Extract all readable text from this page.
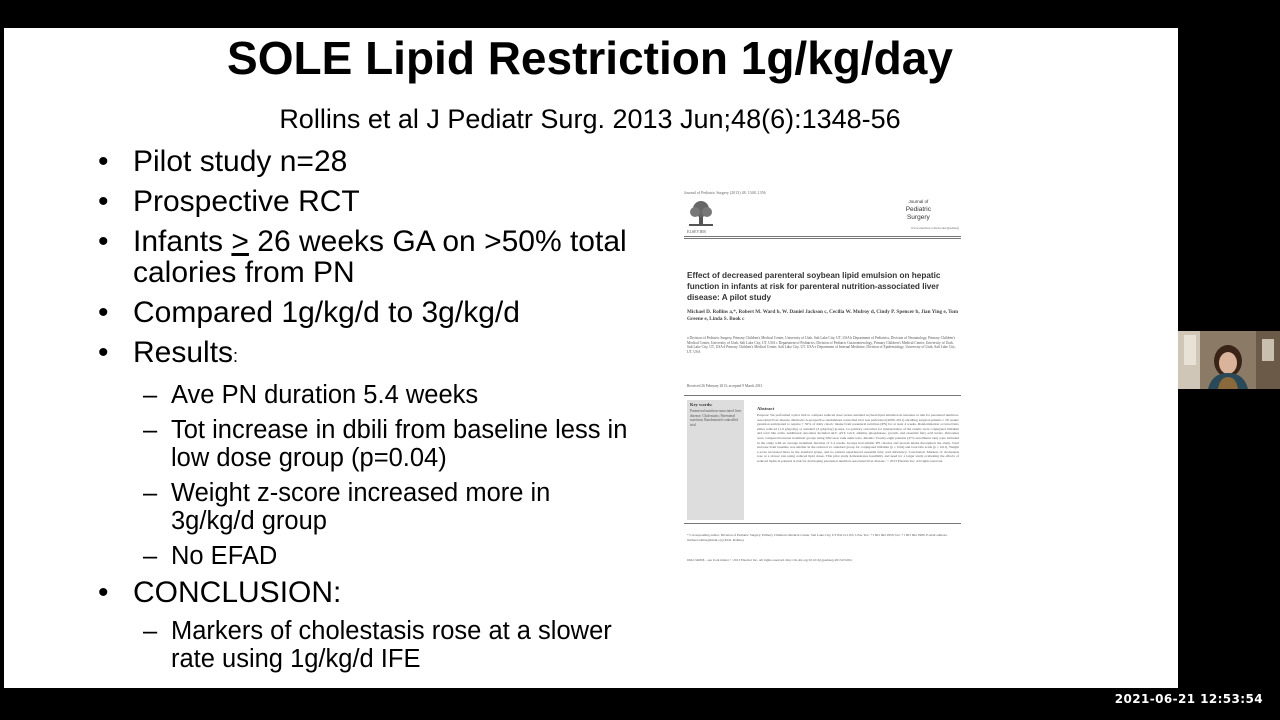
SOLE Lipid Restriction 1g/kg/day
Rollins et al J Pediatr Surg. 2013 Jun;48(6):1348-56
• Pilot study n=28
• Prospective RCT
• Infants ≥ 26 weeks GA on >50% total calories from PN
• Compared 1g/kg/d to 3g/kg/d
• Results:
– Ave PN duration 5.4 weeks
– Tot increase in dbili from baseline less in low dose group (p=0.04)
– Weight z-score increased more in 3g/kg/d group
– No EFAD
• CONCLUSION:
– Markers of cholestasis rose at a slower rate using 1g/kg/d IFE
Journal of Pediatric Surgery (2013) 48, 1348–1356
ELSEVIER
Journal of
Pediatric
Surgery
www.elsevier.com/locate/jpedsurg
Effect of decreased parenteral soybean lipid emulsion on hepatic function in infants at risk for parenteral nutrition-associated liver disease: A pilot study
Michael D. Rollins a,*, Robert M. Ward b, W. Daniel Jackson c, Cecilia W. Mulroy d, Cindy P. Spencer b, Jian Ying e, Tom Greene e, Linda S. Book c
a Division of Pediatric Surgery, Primary Children's Medical Center, University of Utah, Salt Lake City, UT, USA b Department of Pediatrics, Division of Neonatology, Primary Children's Medical Center, University of Utah, Salt Lake City, UT, USA c Department of Pediatrics, Division of Pediatric Gastroenterology, Primary Children's Medical Center, University of Utah, Salt Lake City, UT, USA d Primary Children's Medical Center, Salt Lake City, UT, USA e Department of Internal Medicine, Division of Epidemiology, University of Utah, Salt Lake City, UT, USA
Received 26 February 2013; accepted 9 March 2013
Key words:
Parenteral nutrition-associated liver disease; Cholestasis; Parenteral nutrition; Randomized controlled trial
Abstract
Purpose: We performed a pilot trial to compare reduced dose versus standard soybean lipid emulsion in neonates at risk for parenteral nutrition-associated liver disease. Methods: A prospective randomized controlled trial was performed (2009–2011) enrolling surgical patients ≥ 26 weeks' gestation anticipated to require > 50% of daily caloric intake from parenteral nutrition (PN) for at least 4 weeks. Randomization occurred into either reduced (1.0 g/kg/day) or standard (3 g/kg/day) groups. Co-primary outcomes for interpretation of the results were conjugated bilirubin and total bile acids. Additional outcomes included ALT, AST, GGT, alkaline phosphatase, growth, and essential fatty acid levels. Outcomes were compared between treatment groups using Wilcoxon rank sums tests. Results: Twenty-eight patients (47% enrollment rate) were included in the study with an average treatment duration of 5.4 weeks. Groups had similar PN calories and protein intake throughout the study. Total increase from baseline was smaller in the reduced vs. standard group for conjugated bilirubin (p = 0.04) and total bile acids (p = 0.01). Weight z-score increased more in the standard group, and no patient experienced essential fatty acid deficiency. Conclusion: Markers of cholestasis rose at a slower rate using reduced lipid doses. This pilot study demonstrates feasibility and need for a larger study evaluating the effects of reduced lipids in patients at risk for developing parenteral nutrition-associated liver disease. © 2013 Elsevier Inc. All rights reserved.
* Corresponding author. Division of Pediatric Surgery, Primary Children's Medical Center, Salt Lake City, UT 84113-1103, USA. Tel.: +1 801 662 2950; fax: +1 801 662 2980. E-mail address: michael.rollins@imail.org (M.D. Rollins).
0022-3468/$ – see front matter © 2013 Elsevier Inc. All rights reserved. http://dx.doi.org/10.1016/j.jpedsurg.2013.03.004
2021-06-21 12:53:54
